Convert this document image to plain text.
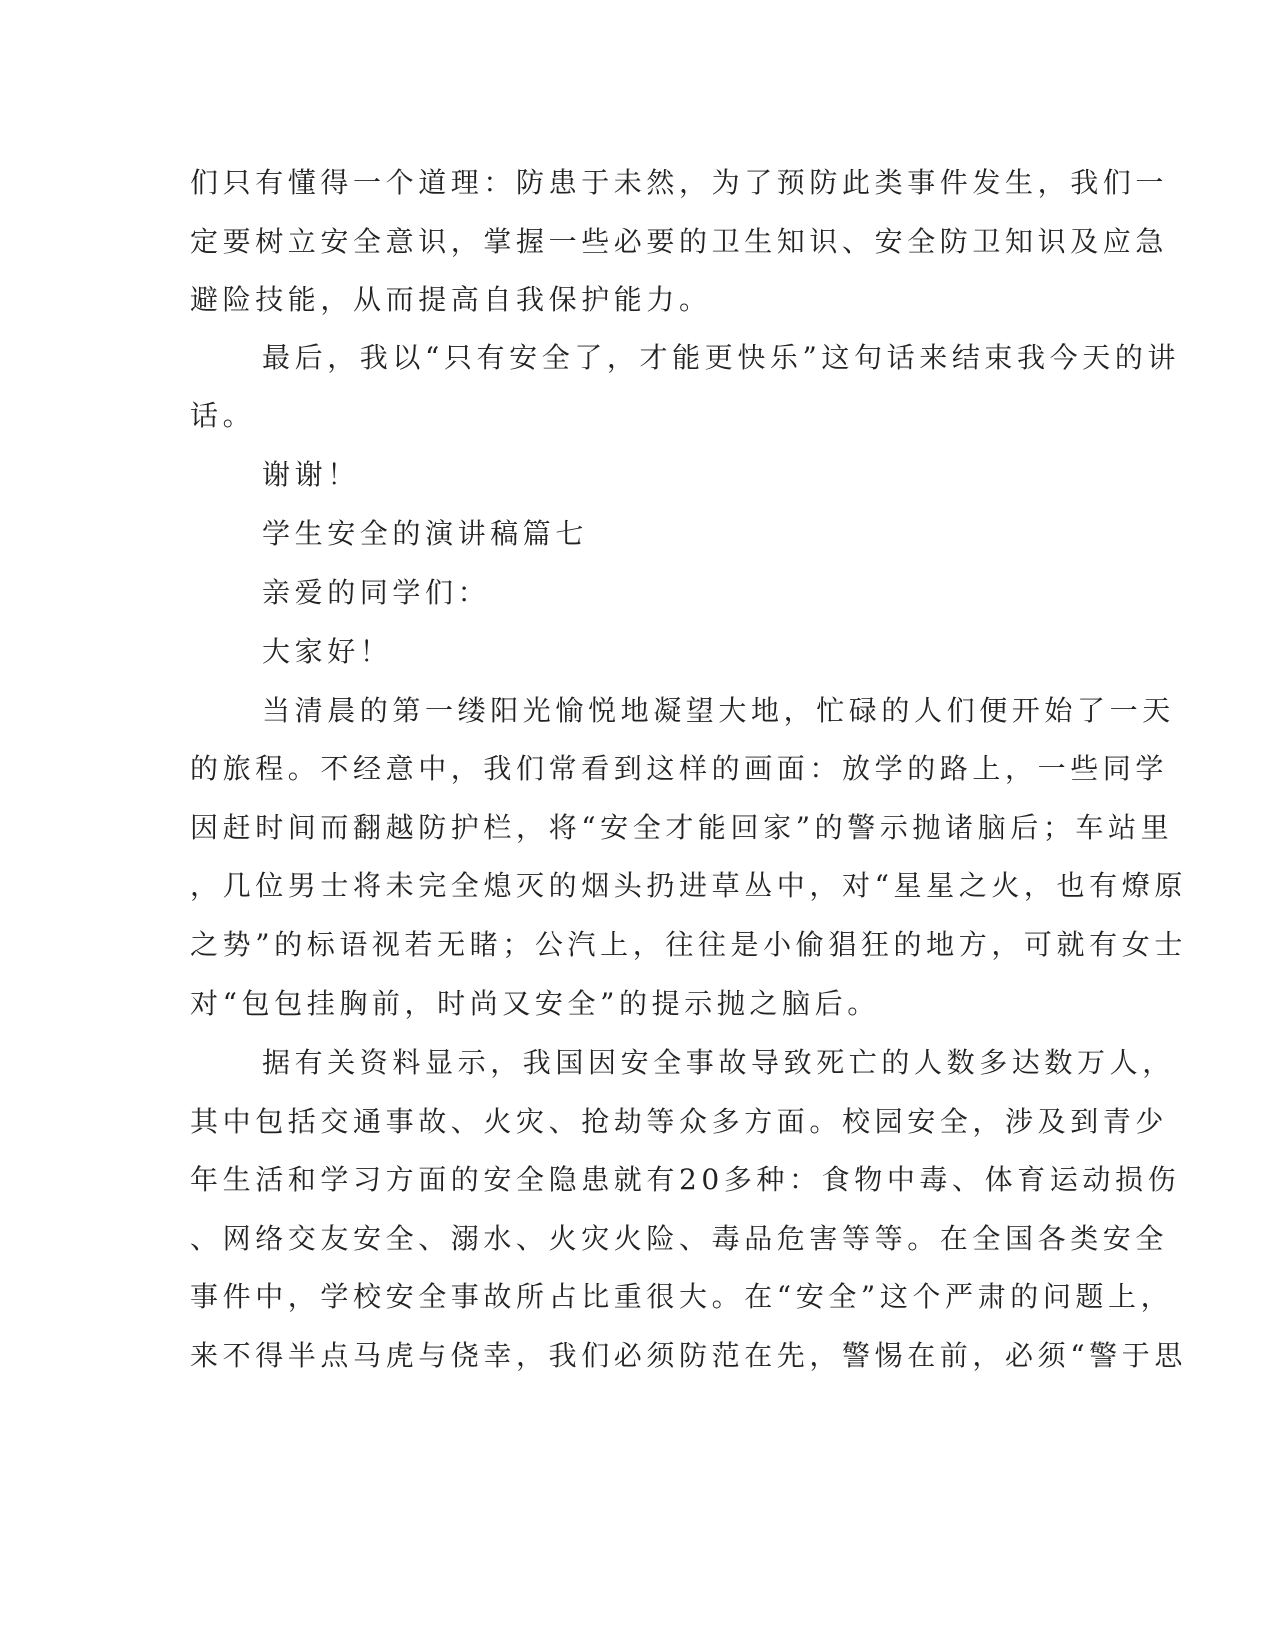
们只有懂得一个道理：防患于未然，为了预防此类事件发生，我们一
定要树立安全意识，掌握一些必要的卫生知识、安全防卫知识及应急
避险技能，从而提高自我保护能力。
最后，我以“只有安全了，才能更快乐”这句话来结束我今天的讲
话。
谢谢！
学生安全的演讲稿篇七
亲爱的同学们：
大家好！
当清晨的第一缕阳光愉悦地凝望大地，忙碌的人们便开始了一天
的旅程。不经意中，我们常看到这样的画面：放学的路上，一些同学
因赶时间而翻越防护栏，将“安全才能回家”的警示抛诸脑后；车站里
，几位男士将未完全熄灭的烟头扔进草丛中，对“星星之火，也有燎原
之势”的标语视若无睹；公汽上，往往是小偷猖狂的地方，可就有女士
对“包包挂胸前，时尚又安全”的提示抛之脑后。
据有关资料显示，我国因安全事故导致死亡的人数多达数万人，
其中包括交通事故、火灾、抢劫等众多方面。校园安全，涉及到青少
年生活和学习方面的安全隐患就有20多种：食物中毒、体育运动损伤
、网络交友安全、溺水、火灾火险、毒品危害等等。在全国各类安全
事件中，学校安全事故所占比重很大。在“安全”这个严肃的问题上，
来不得半点马虎与侥幸，我们必须防范在先，警惕在前，必须“警于思
